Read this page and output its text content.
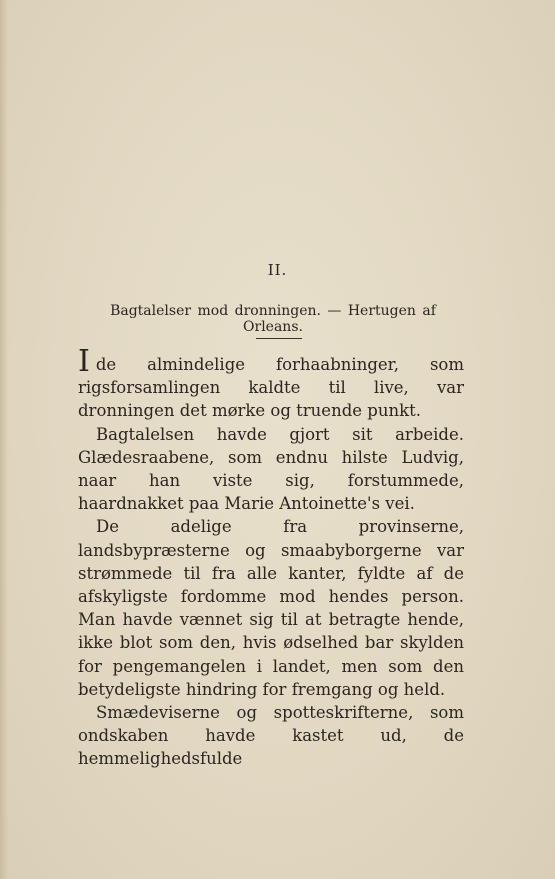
II.
Bagtalelser mod dronningen. — Hertugen af Orleans.

Ide almindelige forhaabninger, som rigsforsamlingen kaldte til live, var dronningen det mørke og truende punkt.

Bagtalelsen havde gjort sit arbeide. Glædesraabene, som endnu hilste Ludvig, naar han viste sig, forstummede, haardnakket paa Marie Antoinette's vei.

De adelige fra provinserne, landsbypræsterne og smaabyborgerne var strømmede til fra alle kanter, fyldte af de afskyligste fordomme mod hendes person. Man havde vænnet sig til at betragte hende, ikke blot som den, hvis ødselhed bar skylden for pengemangelen i landet, men som den betydeligste hindring for fremgang og held.

Smædeviserne og spotteskrifterne, som ondskaben havde kastet ud, de hemmelighedsfulde
